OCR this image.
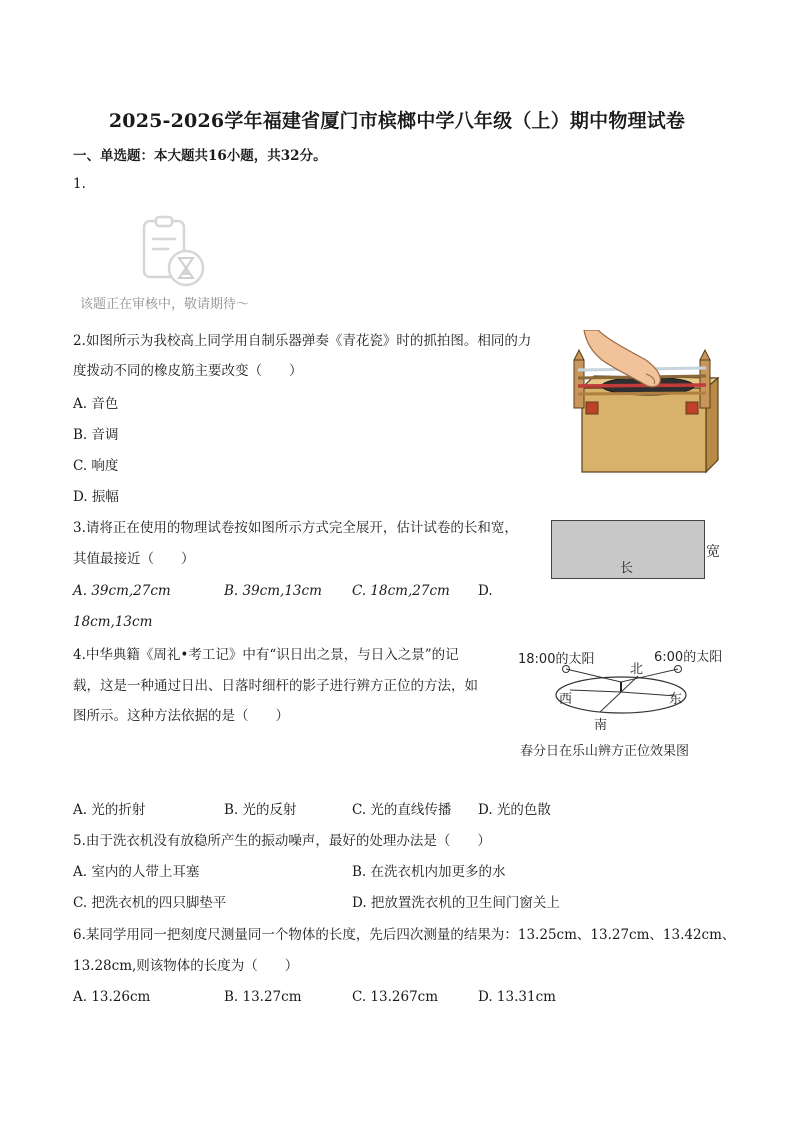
2025-2026学年福建省厦门市槟榔中学八年级（上）期中物理试卷
一、单选题：本大题共16小题，共32分。
1.
该题正在审核中，敬请期待～
2.如图所示为我校高上同学用自制乐器弹奏《青花瓷》时的抓拍图。相同的力
度拨动不同的橡皮筋主要改变（　　）
A. 音色
B. 音调
C. 响度
D. 振幅
3.请将正在使用的物理试卷按如图所示方式完全展开，估计试卷的长和宽，
其值最接近（　　）
A. 39cm,27cm	B. 39cm,13cm C. 18cm,27cm D.
18cm,13cm
长
宽
4.中华典籍《周礼•考工记》中有“识日出之景，与日入之景”的记
载，这是一种通过日出、日落时细杆的影子进行辨方正位的方法，如
图所示。这种方法依据的是（　　）
A. 光的折射	B. 光的反射	C. 光的直线传播 D. 光的色散
18:00的太阳	6:00的太阳
北
西	东
南
春分日在乐山辨方正位效果图
5.由于洗衣机没有放稳所产生的振动噪声，最好的处理办法是（　　）
A. 室内的人带上耳塞	B. 在洗衣机内加更多的水
C. 把洗衣机的四只脚垫平	D. 把放置洗衣机的卫生间门窗关上
6.某同学用同一把刻度尺测量同一个物体的长度，先后四次测量的结果为：13.25cm、13.27cm、13.42cm、
13.28cm,则该物体的长度为（　　）
A. 13.26cm	B. 13.27cm	C. 13.267cm	D. 13.31cm
